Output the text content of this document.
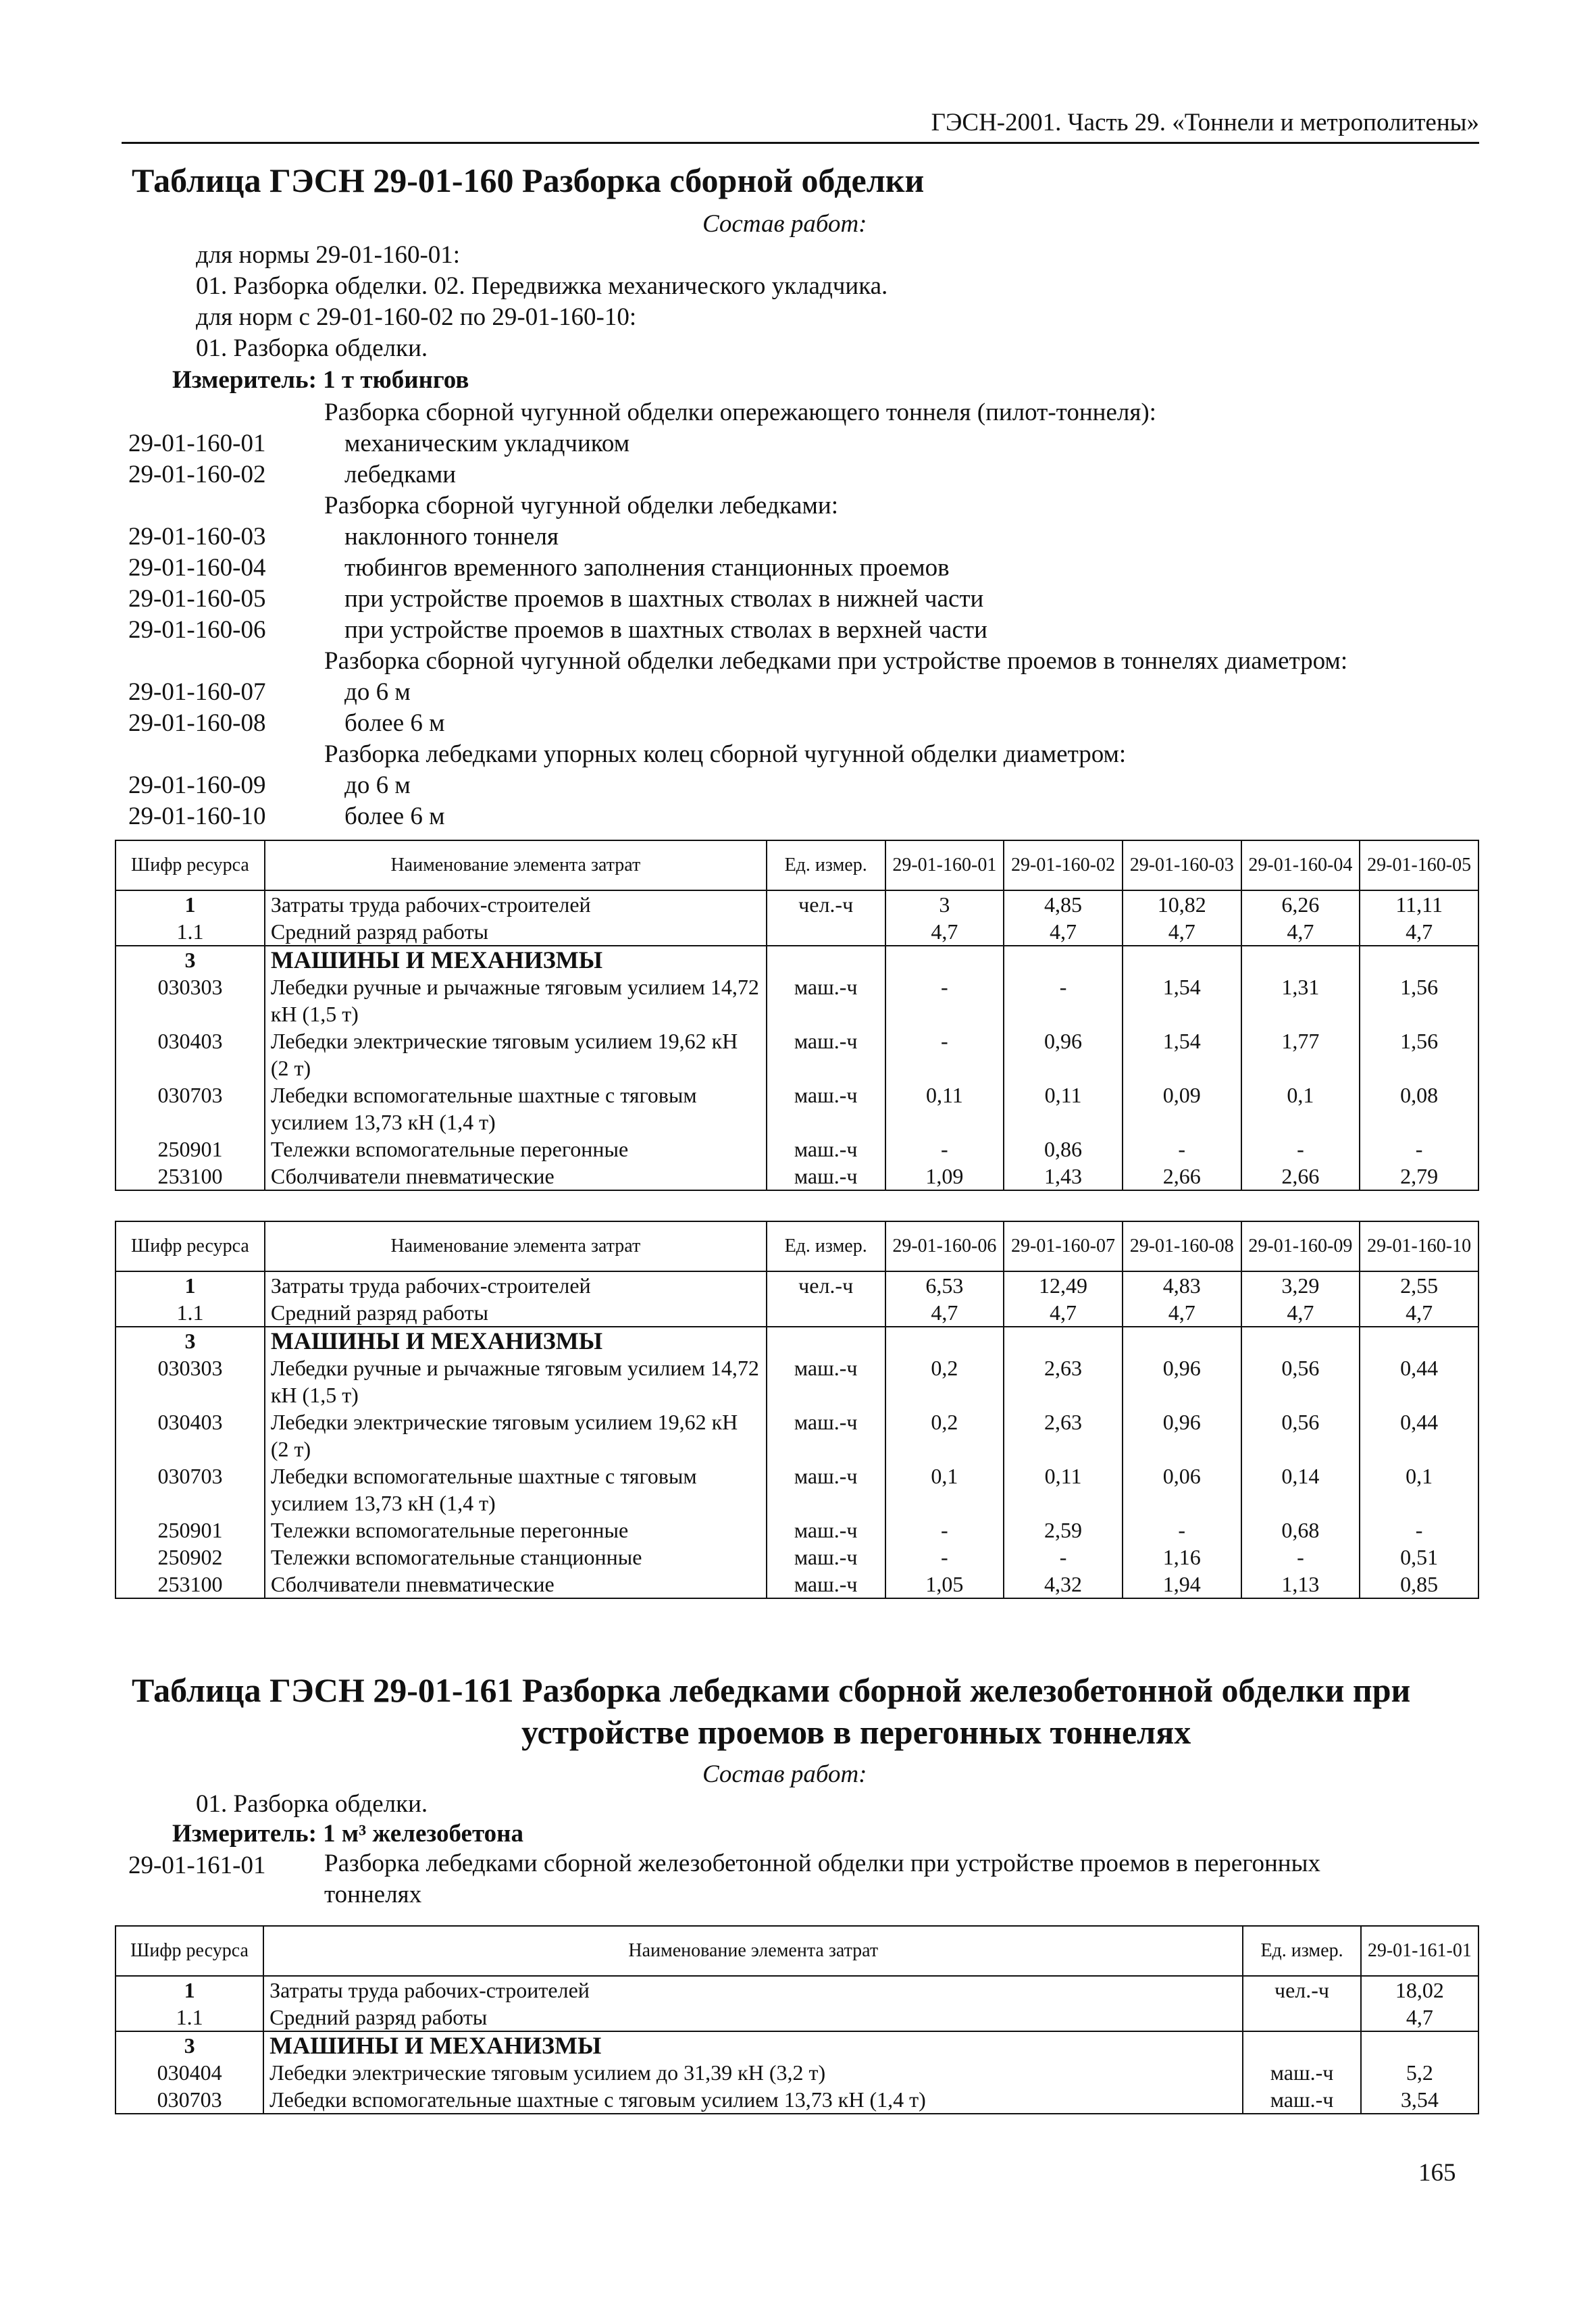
ГЭСН-2001. Часть 29. «Тоннели и метрополитены»
Таблица ГЭСН 29-01-160 Разборка сборной обделки
Состав работ:
для нормы 29-01-160-01:
01. Разборка обделки. 02. Передвижка механического укладчика.
для норм с 29-01-160-02 по 29-01-160-10:
01. Разборка обделки.
Измеритель: 1 т тюбингов
Разборка сборной чугунной обделки опережающего тоннеля (пилот-тоннеля):
29-01-160-01	механическим укладчиком
29-01-160-02	лебедками
Разборка сборной чугунной обделки лебедками:
29-01-160-03	наклонного тоннеля
29-01-160-04	тюбингов временного заполнения станционных проемов
29-01-160-05	при устройстве проемов в шахтных стволах в нижней части
29-01-160-06	при устройстве проемов в шахтных стволах в верхней части
Разборка сборной чугунной обделки лебедками при устройстве проемов в тоннелях диаметром:
29-01-160-07	до 6 м
29-01-160-08	более 6 м
Разборка лебедками упорных колец сборной чугунной обделки диаметром:
29-01-160-09	до 6 м
29-01-160-10	более 6 м
Шифр ресурса	Наименование элемента затрат	Ед. измер.	29-01-160-01	29-01-160-02	29-01-160-03	29-01-160-04	29-01-160-05
1	Затраты труда рабочих-строителей	чел.-ч	3	4,85	10,82	6,26	11,11
1.1	Средний разряд работы		4,7	4,7	4,7	4,7	4,7
3	МАШИНЫ И МЕХАНИЗМЫ						
030303	Лебедки ручные и рычажные тяговым усилием 14,72 кН (1,5 т)	маш.-ч	-	-	1,54	1,31	1,56
030403	Лебедки электрические тяговым усилием 19,62 кН (2 т)	маш.-ч	-	0,96	1,54	1,77	1,56
030703	Лебедки вспомогательные шахтные с тяговым усилием 13,73 кН (1,4 т)	маш.-ч	0,11	0,11	0,09	0,1	0,08
250901	Тележки вспомогательные перегонные	маш.-ч	-	0,86	-	-	-
253100	Сболчиватели пневматические	маш.-ч	1,09	1,43	2,66	2,66	2,79
Шифр ресурса	Наименование элемента затрат	Ед. измер.	29-01-160-06	29-01-160-07	29-01-160-08	29-01-160-09	29-01-160-10
1	Затраты труда рабочих-строителей	чел.-ч	6,53	12,49	4,83	3,29	2,55
1.1	Средний разряд работы		4,7	4,7	4,7	4,7	4,7
3	МАШИНЫ И МЕХАНИЗМЫ						
030303	Лебедки ручные и рычажные тяговым усилием 14,72 кН (1,5 т)	маш.-ч	0,2	2,63	0,96	0,56	0,44
030403	Лебедки электрические тяговым усилием 19,62 кН (2 т)	маш.-ч	0,2	2,63	0,96	0,56	0,44
030703	Лебедки вспомогательные шахтные с тяговым усилием 13,73 кН (1,4 т)	маш.-ч	0,1	0,11	0,06	0,14	0,1
250901	Тележки вспомогательные перегонные	маш.-ч	-	2,59	-	0,68	-
250902	Тележки вспомогательные станционные	маш.-ч	-	-	1,16	-	0,51
253100	Сболчиватели пневматические	маш.-ч	1,05	4,32	1,94	1,13	0,85
Таблица ГЭСН 29-01-161 Разборка лебедками сборной железобетонной обделки при
устройстве проемов в перегонных тоннелях
Состав работ:
01. Разборка обделки.
Измеритель: 1 м³ железобетона
29-01-161-01 Разборка лебедками сборной железобетонной обделки при устройстве проемов в перегонных
тоннелях
Шифр ресурса	Наименование элемента затрат	Ед. измер.	29-01-161-01
1	Затраты труда рабочих-строителей	чел.-ч	18,02
1.1	Средний разряд работы		4,7
3	МАШИНЫ И МЕХАНИЗМЫ		
030404	Лебедки электрические тяговым усилием до 31,39 кН (3,2 т)	маш.-ч	5,2
030703	Лебедки вспомогательные шахтные с тяговым усилием 13,73 кН (1,4 т)	маш.-ч	3,54
165
